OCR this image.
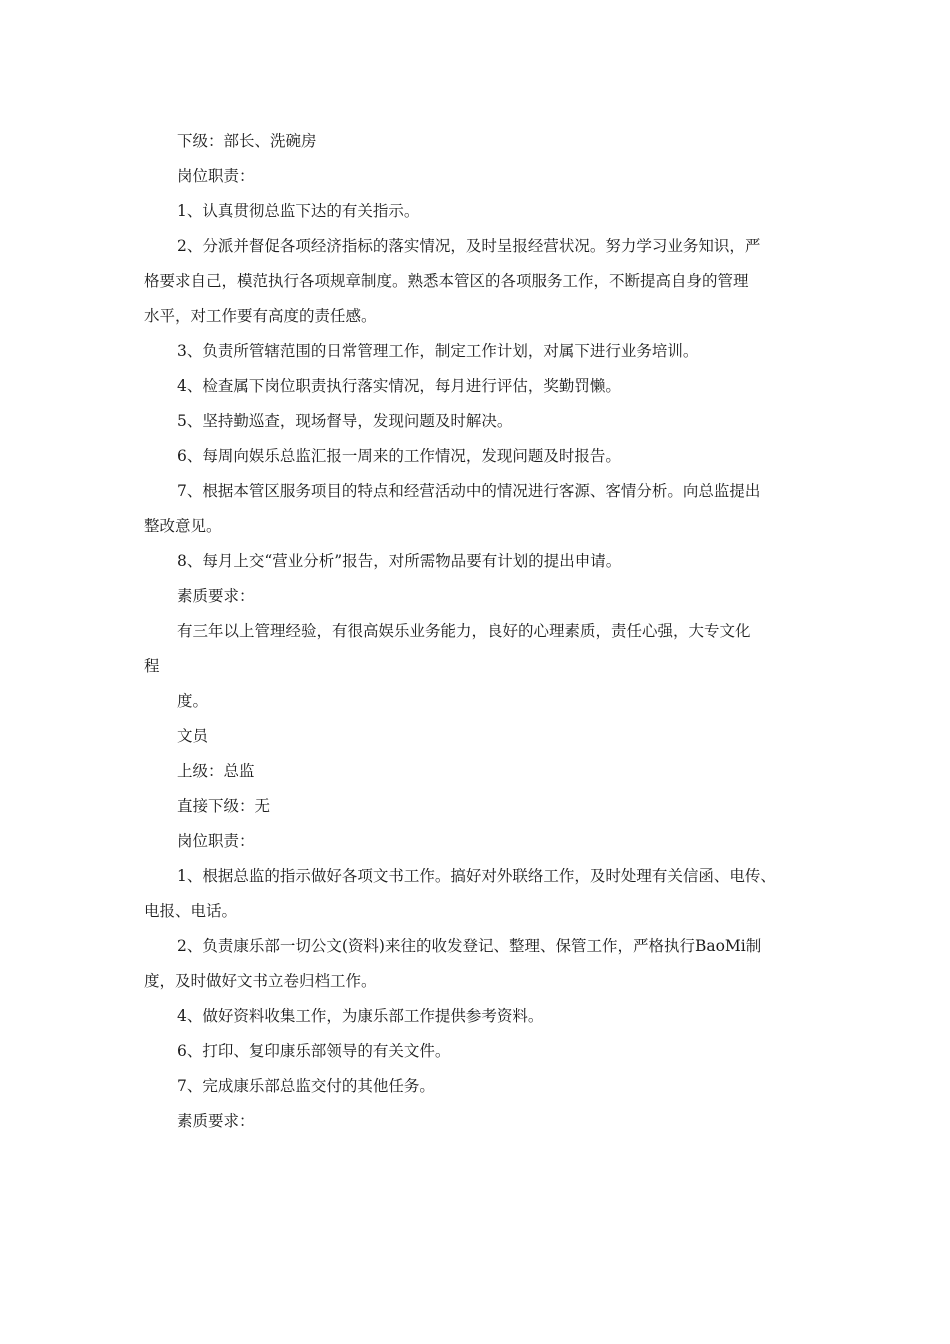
下级：部长、洗碗房

岗位职责：

1、认真贯彻总监下达的有关指示。

2、分派并督促各项经济指标的落实情况，及时呈报经营状况。努力学习业务知识，严

格要求自己，模范执行各项规章制度。熟悉本管区的各项服务工作，不断提高自身的管理

水平，对工作要有高度的责任感。

3、负责所管辖范围的日常管理工作，制定工作计划，对属下进行业务培训。

4、检查属下岗位职责执行落实情况，每月进行评估，奖勤罚懒。

5、坚持勤巡查，现场督导，发现问题及时解决。

6、每周向娱乐总监汇报一周来的工作情况，发现问题及时报告。

7、根据本管区服务项目的特点和经营活动中的情况进行客源、客情分析。向总监提出

整改意见。

8、每月上交“营业分析”报告，对所需物品要有计划的提出申请。

素质要求：

有三年以上管理经验，有很高娱乐业务能力，良好的心理素质，责任心强，大专文化

程

度。

文员

上级：总监

直接下级：无

岗位职责：

1、根据总监的指示做好各项文书工作。搞好对外联络工作，及时处理有关信函、电传、

电报、电话。

2、负责康乐部一切公文(资料)来往的收发登记、整理、保管工作，严格执行BaoMi制

度，及时做好文书立卷归档工作。

4、做好资料收集工作，为康乐部工作提供参考资料。

6、打印、复印康乐部领导的有关文件。

7、完成康乐部总监交付的其他任务。

素质要求：
